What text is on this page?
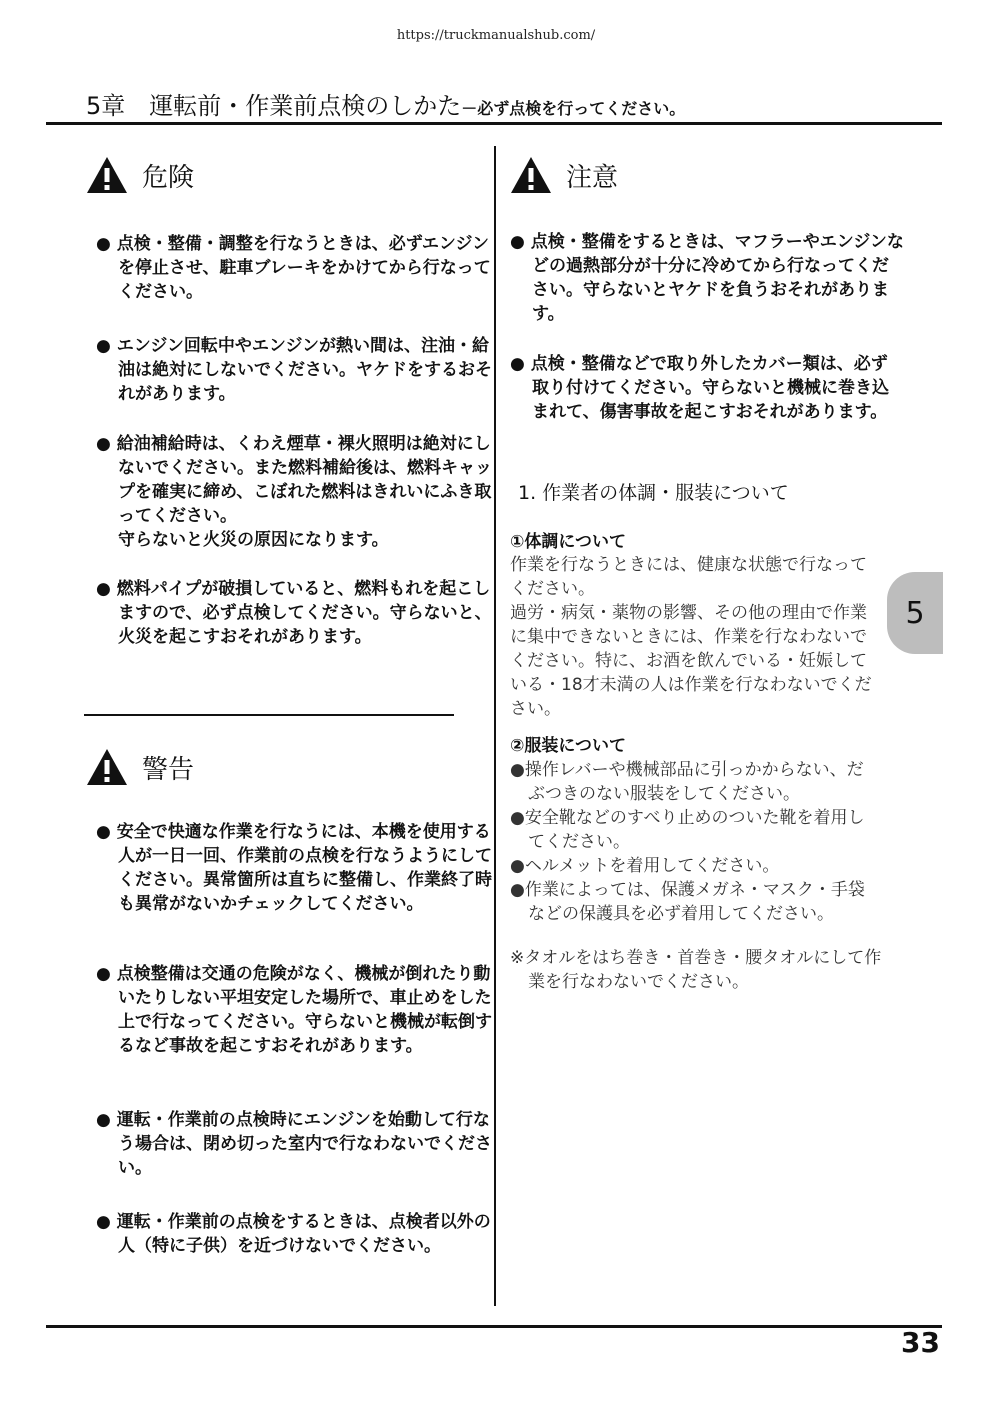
https://truckmanualshub.com/
5章　運転前・作業前点検のしかた－必ず点検を行ってください。
危険
● 点検・整備・調整を行なうときは、必ずエンジンを停止させ、駐車ブレーキをかけてから行なってください。
● エンジン回転中やエンジンが熱い間は、注油・給油は絶対にしないでください。ヤケドをするおそれがあります。
● 給油補給時は、くわえ煙草・裸火照明は絶対にしないでください。また燃料補給後は、燃料キャップを確実に締め、こぼれた燃料はきれいにふき取ってください。
守らないと火災の原因になります。
● 燃料パイプが破損していると、燃料もれを起こしますので、必ず点検してください。守らないと、火災を起こすおそれがあります。
警告
● 安全で快適な作業を行なうには、本機を使用する人が一日一回、作業前の点検を行なうようにしてください。異常箇所は直ちに整備し、作業終了時も異常がないかチェックしてください。
● 点検整備は交通の危険がなく、機械が倒れたり動いたりしない平坦安定した場所で、車止めをした上で行なってください。守らないと機械が転倒するなど事故を起こすおそれがあります。
● 運転・作業前の点検時にエンジンを始動して行なう場合は、閉め切った室内で行なわないでください。
● 運転・作業前の点検をするときは、点検者以外の人（特に子供）を近づけないでください。
注意
● 点検・整備をするときは、マフラーやエンジンなどの過熱部分が十分に冷めてから行なってください。守らないとヤケドを負うおそれがあります。
● 点検・整備などで取り外したカバー類は、必ず取り付けてください。守らないと機械に巻き込まれて、傷害事故を起こすおそれがあります。
1. 作業者の体調・服装について
①体調について

作業を行なうときには、健康な状態で行なってください。

過労・病気・薬物の影響、その他の理由で作業に集中できないときには、作業を行なわないでください。特に、お酒を飲んでいる・妊娠している・18才未満の人は作業を行なわないでください。

②服装について

●操作レバーや機械部品に引っかからない、だぶつきのない服装をしてください。

●安全靴などのすべり止めのついた靴を着用してください。

●ヘルメットを着用してください。

●作業によっては、保護メガネ・マスク・手袋などの保護具を必ず着用してください。

※タオルをはち巻き・首巻き・腰タオルにして作業を行なわないでください。
5
33
